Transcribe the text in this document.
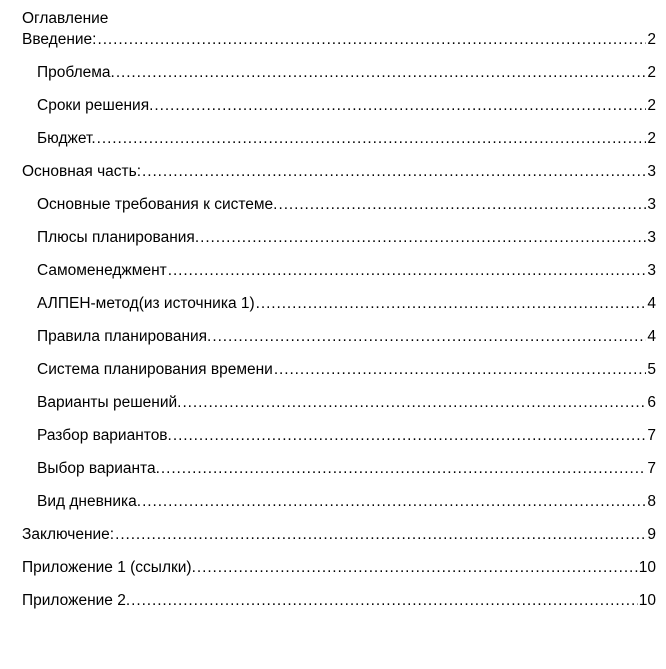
Оглавление
Введение: .....	2
Проблема. .....	2
Сроки решения. .....	2
Бюджет. .....	2
Основная часть: .....	3
Основные требования к системе. .....	3
Плюсы планирования. .....	3
Самоменеджмент .....	3
АЛПЕН-метод(из источника 1) .....	4
Правила планирования. .....	4
Система планирования времени .....	5
Варианты решений. .....	6
Разбор вариантов. .....	7
Выбор варианта. .....	7
Вид дневника. .....	8
Заключение: .....	9
Приложение 1 (ссылки). .....	10
Приложение 2. .....	10
